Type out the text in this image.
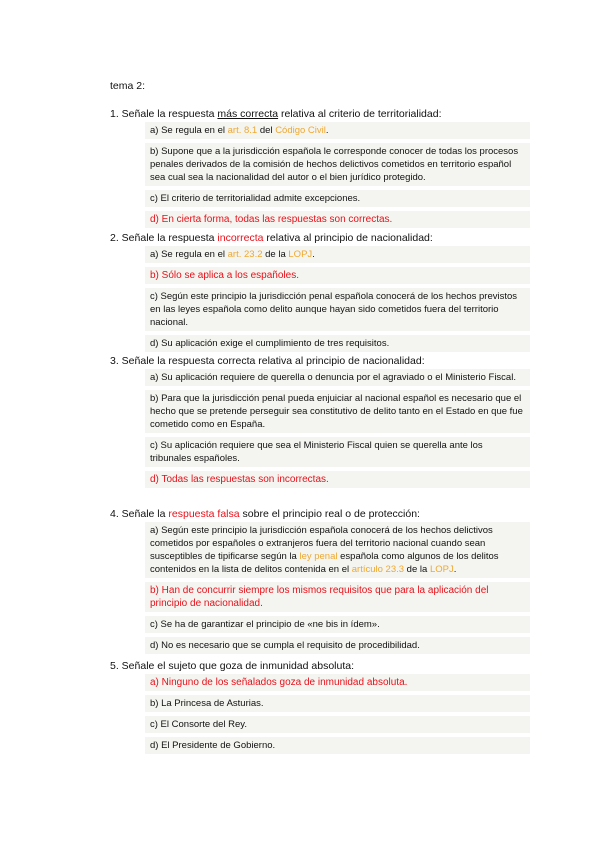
tema 2:
1. Señale la respuesta más correcta relativa al criterio de territorialidad:
a) Se regula en el art. 8.1 del Código Civil.
b) Supone que a la jurisdicción española le corresponde conocer de todas los procesos penales derivados de la comisión de hechos delictivos cometidos en territorio español sea cual sea la nacionalidad del autor o el bien jurídico protegido.
c) El criterio de territorialidad admite excepciones.
d) En cierta forma, todas las respuestas son correctas.
2. Señale la respuesta incorrecta relativa al principio de nacionalidad:
a) Se regula en el art. 23.2 de la LOPJ.
b) Sólo se aplica a los españoles.
c) Según este principio la jurisdicción penal española conocerá de los hechos previstos en las leyes española como delito aunque hayan sido cometidos fuera del territorio nacional.
d) Su aplicación exige el cumplimiento de tres requisitos.
3. Señale la respuesta correcta relativa al principio de nacionalidad:
a) Su aplicación requiere de querella o denuncia por el agraviado o el Ministerio Fiscal.
b) Para que la jurisdicción penal pueda enjuiciar al nacional español es necesario que el hecho que se pretende perseguir sea constitutivo de delito tanto en el Estado en que fue cometido como en España.
c) Su aplicación requiere que sea el Ministerio Fiscal quien se querella ante los tribunales españoles.
d) Todas las respuestas son incorrectas.
4. Señale la respuesta falsa sobre el principio real o de protección:
a) Según este principio la jurisdicción española conocerá de los hechos delictivos cometidos por españoles o extranjeros fuera del territorio nacional cuando sean susceptibles de tipificarse según la ley penal española como algunos de los delitos contenidos en la lista de delitos contenida en el artículo 23.3 de la LOPJ.
b) Han de concurrir siempre los mismos requisitos que para la aplicación del principio de nacionalidad.
c) Se ha de garantizar el principio de «ne bis in ídem».
d) No es necesario que se cumpla el requisito de procedibilidad.
5. Señale el sujeto que goza de inmunidad absoluta:
a) Ninguno de los señalados goza de inmunidad absoluta.
b) La Princesa de Asturias.
c) El Consorte del Rey.
d) El Presidente de Gobierno.
